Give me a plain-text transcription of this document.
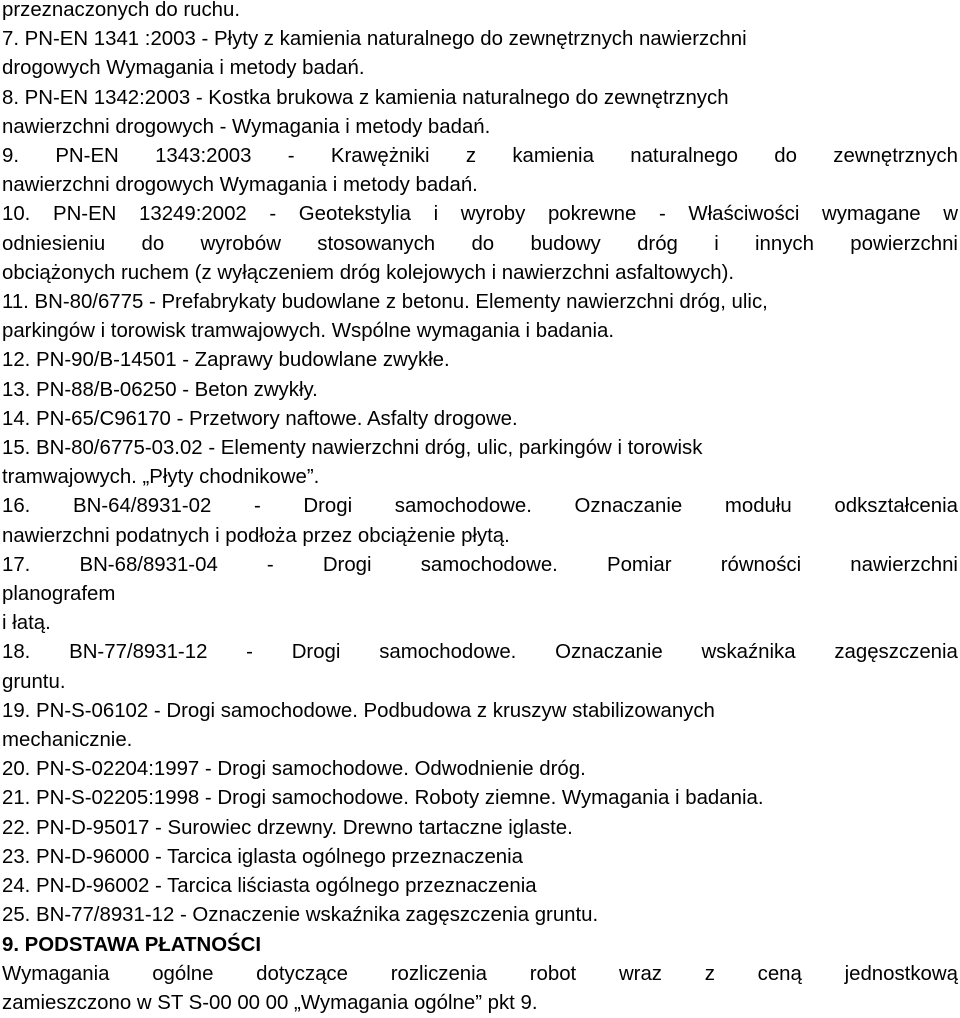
przeznaczonych do ruchu.
7. PN-EN 1341 :2003 - Płyty z kamienia naturalnego do zewnętrznych nawierzchni
drogowych Wymagania i metody badań.
8. PN-EN 1342:2003 - Kostka brukowa z kamienia naturalnego do zewnętrznych
nawierzchni drogowych - Wymagania i metody badań.
9. PN-EN 1343:2003 - Krawężniki z kamienia naturalnego do zewnętrznych
nawierzchni drogowych Wymagania i metody badań.
10. PN-EN 13249:2002 - Geotekstylia i wyroby pokrewne - Właściwości wymagane w
odniesieniu do wyrobów stosowanych do budowy dróg i innych powierzchni
obciążonych ruchem (z wyłączeniem dróg kolejowych i nawierzchni asfaltowych).
11. BN-80/6775 - Prefabrykaty budowlane z betonu. Elementy nawierzchni dróg, ulic,
parkingów i torowisk tramwajowych. Wspólne wymagania i badania.
12. PN-90/B-14501 - Zaprawy budowlane zwykłe.
13. PN-88/B-06250 - Beton zwykły.
14. PN-65/C96170 - Przetwory naftowe. Asfalty drogowe.
15. BN-80/6775-03.02 - Elementy nawierzchni dróg, ulic, parkingów i torowisk
tramwajowych. „Płyty chodnikowe”.
16. BN-64/8931-02 - Drogi samochodowe. Oznaczanie modułu odkształcenia
nawierzchni podatnych i podłoża przez obciążenie płytą.
17. BN-68/8931-04 - Drogi samochodowe. Pomiar równości nawierzchni
planografem
i łatą.
18. BN-77/8931-12 - Drogi samochodowe. Oznaczanie wskaźnika zagęszczenia
gruntu.
19. PN-S-06102 - Drogi samochodowe. Podbudowa z kruszyw stabilizowanych
mechanicznie.
20. PN-S-02204:1997 - Drogi samochodowe. Odwodnienie dróg.
21. PN-S-02205:1998 - Drogi samochodowe. Roboty ziemne. Wymagania i badania.
22. PN-D-95017 - Surowiec drzewny. Drewno tartaczne iglaste.
23. PN-D-96000 - Tarcica iglasta ogólnego przeznaczenia
24. PN-D-96002 - Tarcica liściasta ogólnego przeznaczenia
25. BN-77/8931-12 - Oznaczenie wskaźnika zagęszczenia gruntu.
9. PODSTAWA PŁATNOŚCI
Wymagania ogólne dotyczące rozliczenia robot wraz z ceną jednostkową
zamieszczono w ST S-00 00 00 „Wymagania ogólne” pkt 9.
